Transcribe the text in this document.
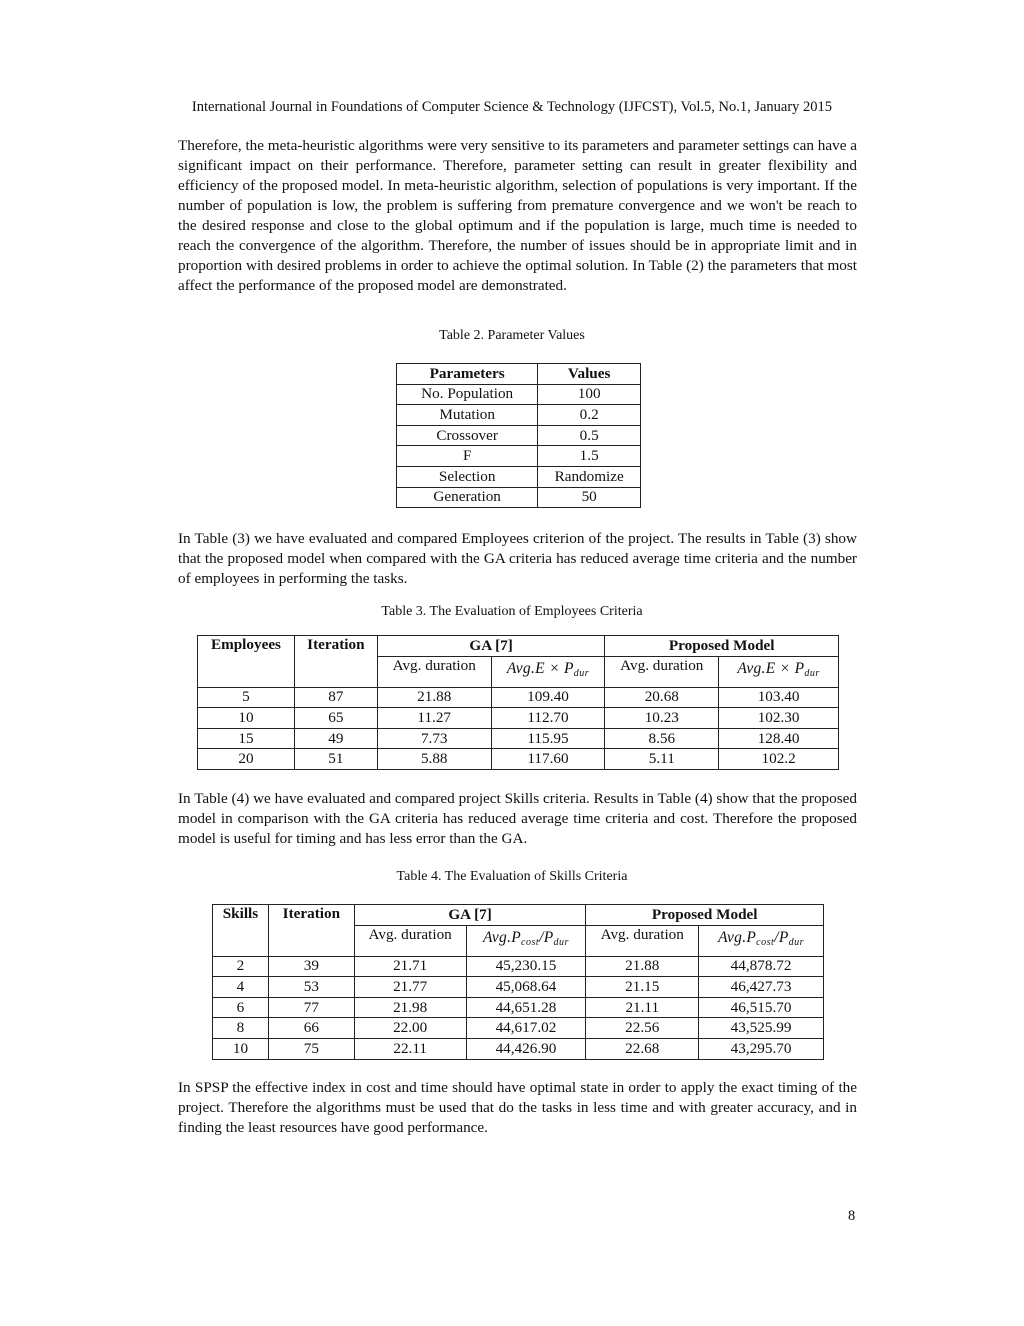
International Journal in Foundations of Computer Science & Technology (IJFCST), Vol.5, No.1, January 2015

Therefore, the meta-heuristic algorithms were very sensitive to its parameters and parameter settings can have a significant impact on their performance. Therefore, parameter setting can result in greater flexibility and efficiency of the proposed model. In meta-heuristic algorithm, selection of populations is very important. If the number of population is low, the problem is suffering from premature convergence and we won't be reach to the desired response and close to the global optimum and if the population is large, much time is needed to reach the convergence of the algorithm. Therefore, the number of issues should be in appropriate limit and in proportion with desired problems in order to achieve the optimal solution. In Table (2) the parameters that most affect the performance of the proposed model are demonstrated.

Table 2. Parameter Values
Parameters	Values
No. Population	100
Mutation	0.2
Crossover	0.5
F	1.5
Selection	Randomize
Generation	50

In Table (3) we have evaluated and compared Employees criterion of the project. The results in Table (3) show that the proposed model when compared with the GA criteria has reduced average time criteria and the number of employees in performing the tasks.

Table 3. The Evaluation of Employees Criteria
Employees	Iteration	GA [7]		Proposed Model	
		Avg. duration	$Avg.E \times P_{dur}$	Avg. duration	$Avg.E \times P_{dur}$
5	87	21.88	109.40	20.68	103.40
10	65	11.27	112.70	10.23	102.30
15	49	7.73	115.95	8.56	128.40
20	51	5.88	117.60	5.11	102.2

In Table (4) we have evaluated and compared project Skills criteria. Results in Table (4) show that the proposed model in comparison with the GA criteria has reduced average time criteria and cost. Therefore the proposed model is useful for timing and has less error than the GA.

Table 4. The Evaluation of Skills Criteria
Skills	Iteration	GA [7]		Proposed Model	
		Avg. duration	$Avg.P_{cost}/P_{dur}$	Avg. duration	$Avg.P_{cost}/P_{dur}$
2	39	21.71	45,230.15	21.88	44,878.72
4	53	21.77	45,068.64	21.15	46,427.73
6	77	21.98	44,651.28	21.11	46,515.70
8	66	22.00	44,617.02	22.56	43,525.99
10	75	22.11	44,426.90	22.68	43,295.70

In SPSP the effective index in cost and time should have optimal state in order to apply the exact timing of the project. Therefore the algorithms must be used that do the tasks in less time and with greater accuracy, and in finding the least resources have good performance.

8
